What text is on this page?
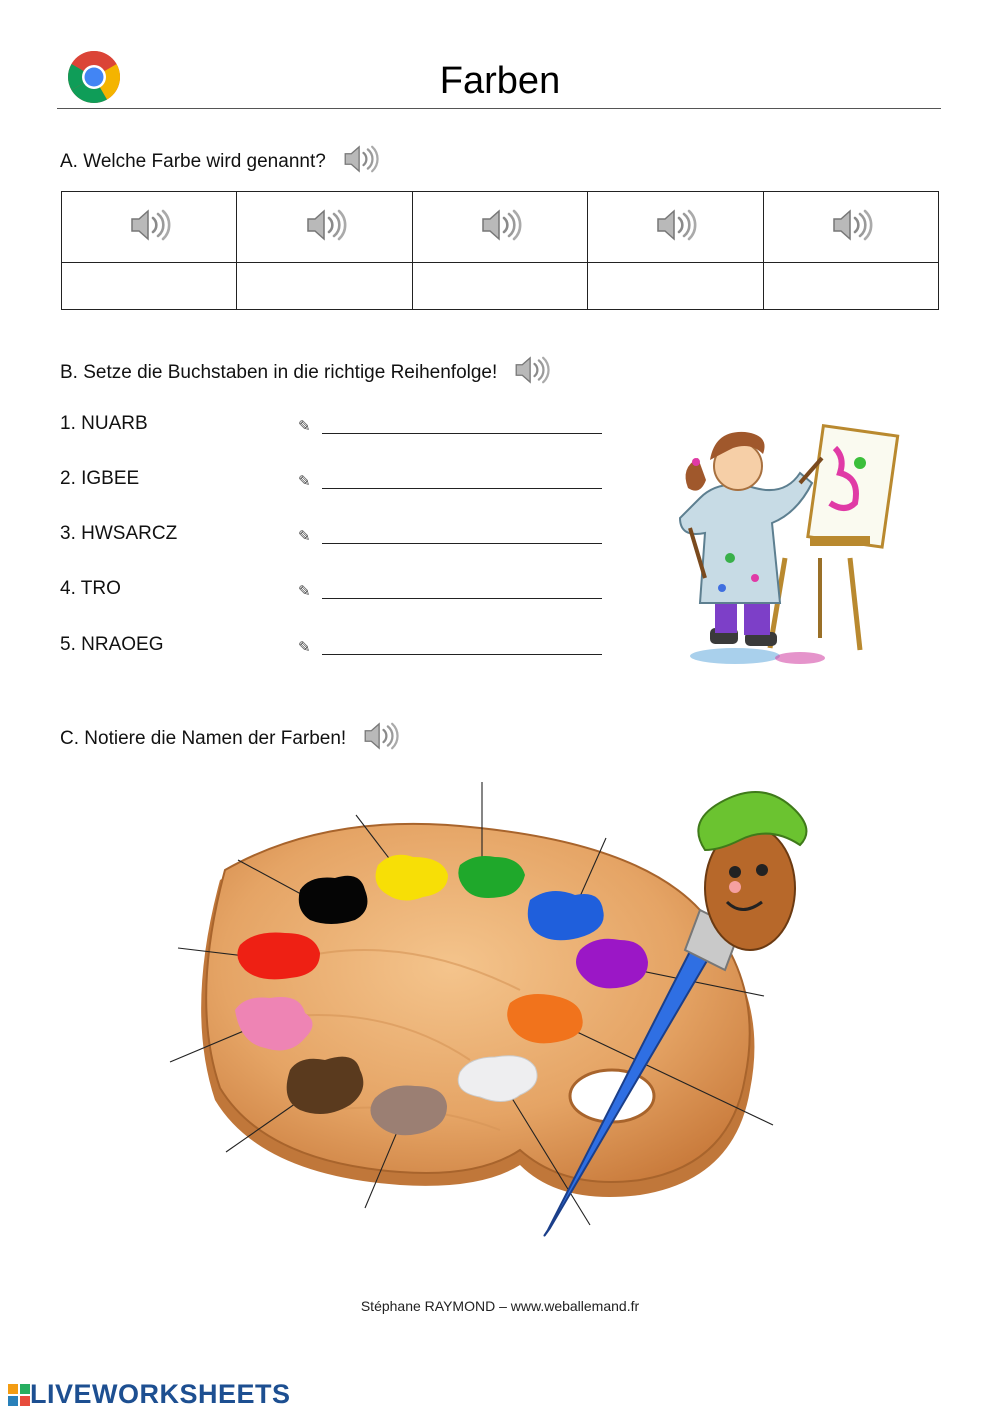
Farben
A. Welche Farbe wird genannt?

B. Setze die Buchstaben in die richtige Reihenfolge!
1. NUARB
2. IGBEE
3. HWSARCZ
4. TRO
5. NRAOEG
✎
✎
✎
✎
✎
C. Notiere die Namen der Farben!
Stéphane RAYMOND – www.weballemand.fr
LIVEWORKSHEETS
